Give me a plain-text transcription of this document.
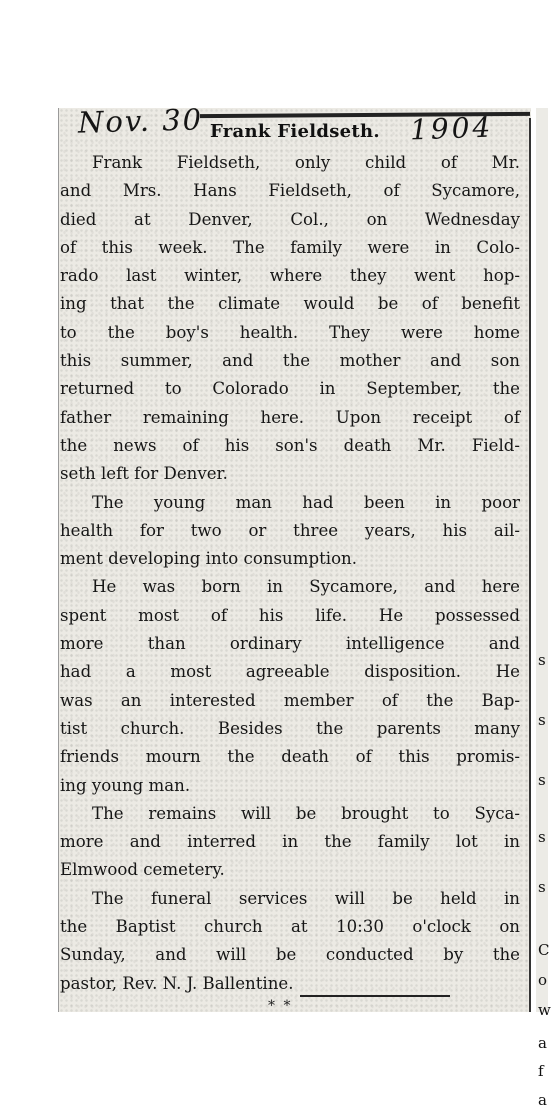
s
s
s
s
s
C
o
w
a
f
a
Nov. 30	1904
Frank Fieldseth.
Frank Fieldseth, only child of Mr.
and Mrs. Hans Fieldseth, of Sycamore,
died at Denver, Col., on Wednesday
of this week. The family were in Colo-
rado last winter, where they went hop-
ing that the climate would be of benefit
to the boy's health. They were home
this summer, and the mother and son
returned to Colorado in September, the
father remaining here. Upon receipt of
the news of his son's death Mr. Field-
seth left for Denver.
The young man had been in poor
health for two or three years, his ail-
ment developing into consumption.
He was born in Sycamore, and here
spent most of his life. He possessed
more than ordinary intelligence and
had a most agreeable disposition. He
was an interested member of the Bap-
tist church. Besides the parents many
friends mourn the death of this promis-
ing young man.
The remains will be brought to Syca-
more and interred in the family lot in
Elmwood cemetery.
The funeral services will be held in
the Baptist church at 10:30 o'clock on
Sunday, and will be conducted by the
pastor, Rev. N. J. Ballentine.
* *
